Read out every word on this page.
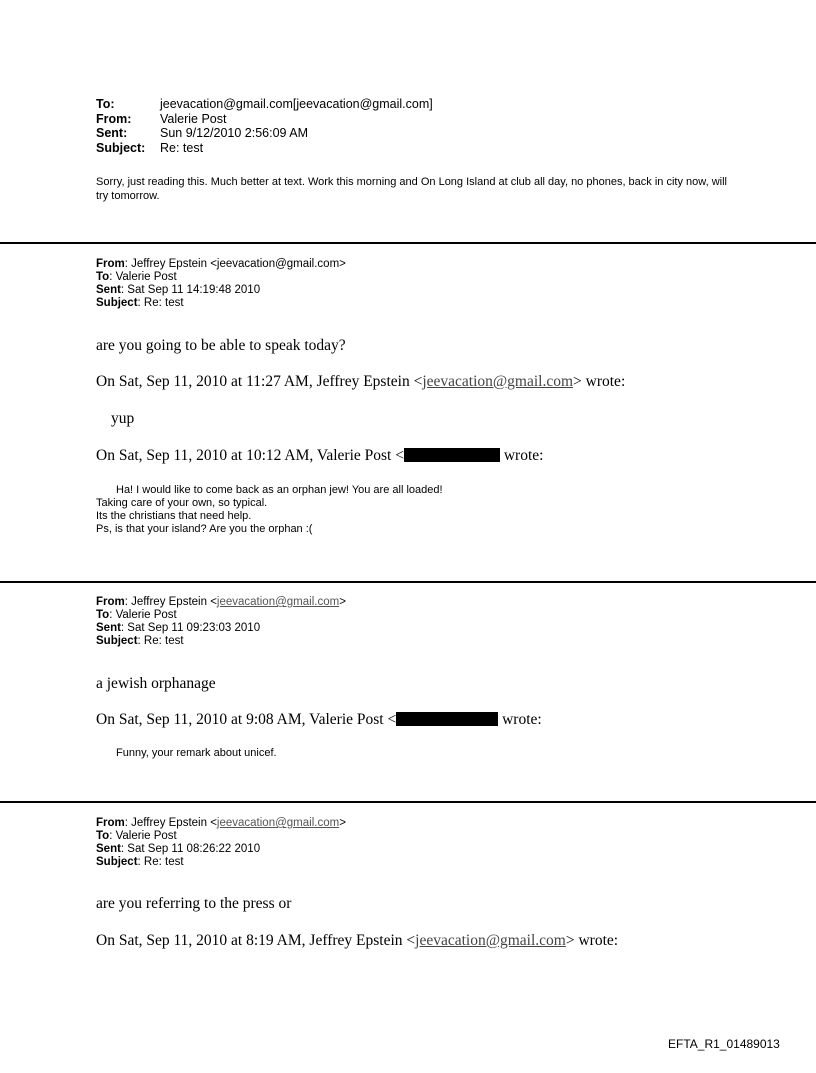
To:	jeevacation@gmail.com[jeevacation@gmail.com]
From:	Valerie Post
Sent:	Sun 9/12/2010 2:56:09 AM
Subject:	Re: test
Sorry, just reading this. Much better at text. Work this morning and On Long Island at club all day, no phones, back in city now, will try tomorrow.
From: Jeffrey Epstein <jeevacation@gmail.com>
To: Valerie Post
Sent: Sat Sep 11 14:19:48 2010
Subject: Re: test
are you going to be able to speak today?
On Sat, Sep 11, 2010 at 11:27 AM, Jeffrey Epstein <jeevacation@gmail.com> wrote:
yup
On Sat, Sep 11, 2010 at 10:12 AM, Valerie Post <	wrote:
Ha! I would like to come back as an orphan jew! You are all loaded!
Taking care of your own, so typical.
Its the christians that need help.
Ps, is that your island? Are you the orphan :(
From: Jeffrey Epstein <jeevacation@gmail.com>
To: Valerie Post
Sent: Sat Sep 11 09:23:03 2010
Subject: Re: test
a jewish orphanage
On Sat, Sep 11, 2010 at 9:08 AM, Valerie Post <	wrote:
Funny, your remark about unicef.
From: Jeffrey Epstein <jeevacation@gmail.com>
To: Valerie Post
Sent: Sat Sep 11 08:26:22 2010
Subject: Re: test
are you referring to the press or
On Sat, Sep 11, 2010 at 8:19 AM, Jeffrey Epstein <jeevacation@gmail.com> wrote:
EFTA_R1_01489013
